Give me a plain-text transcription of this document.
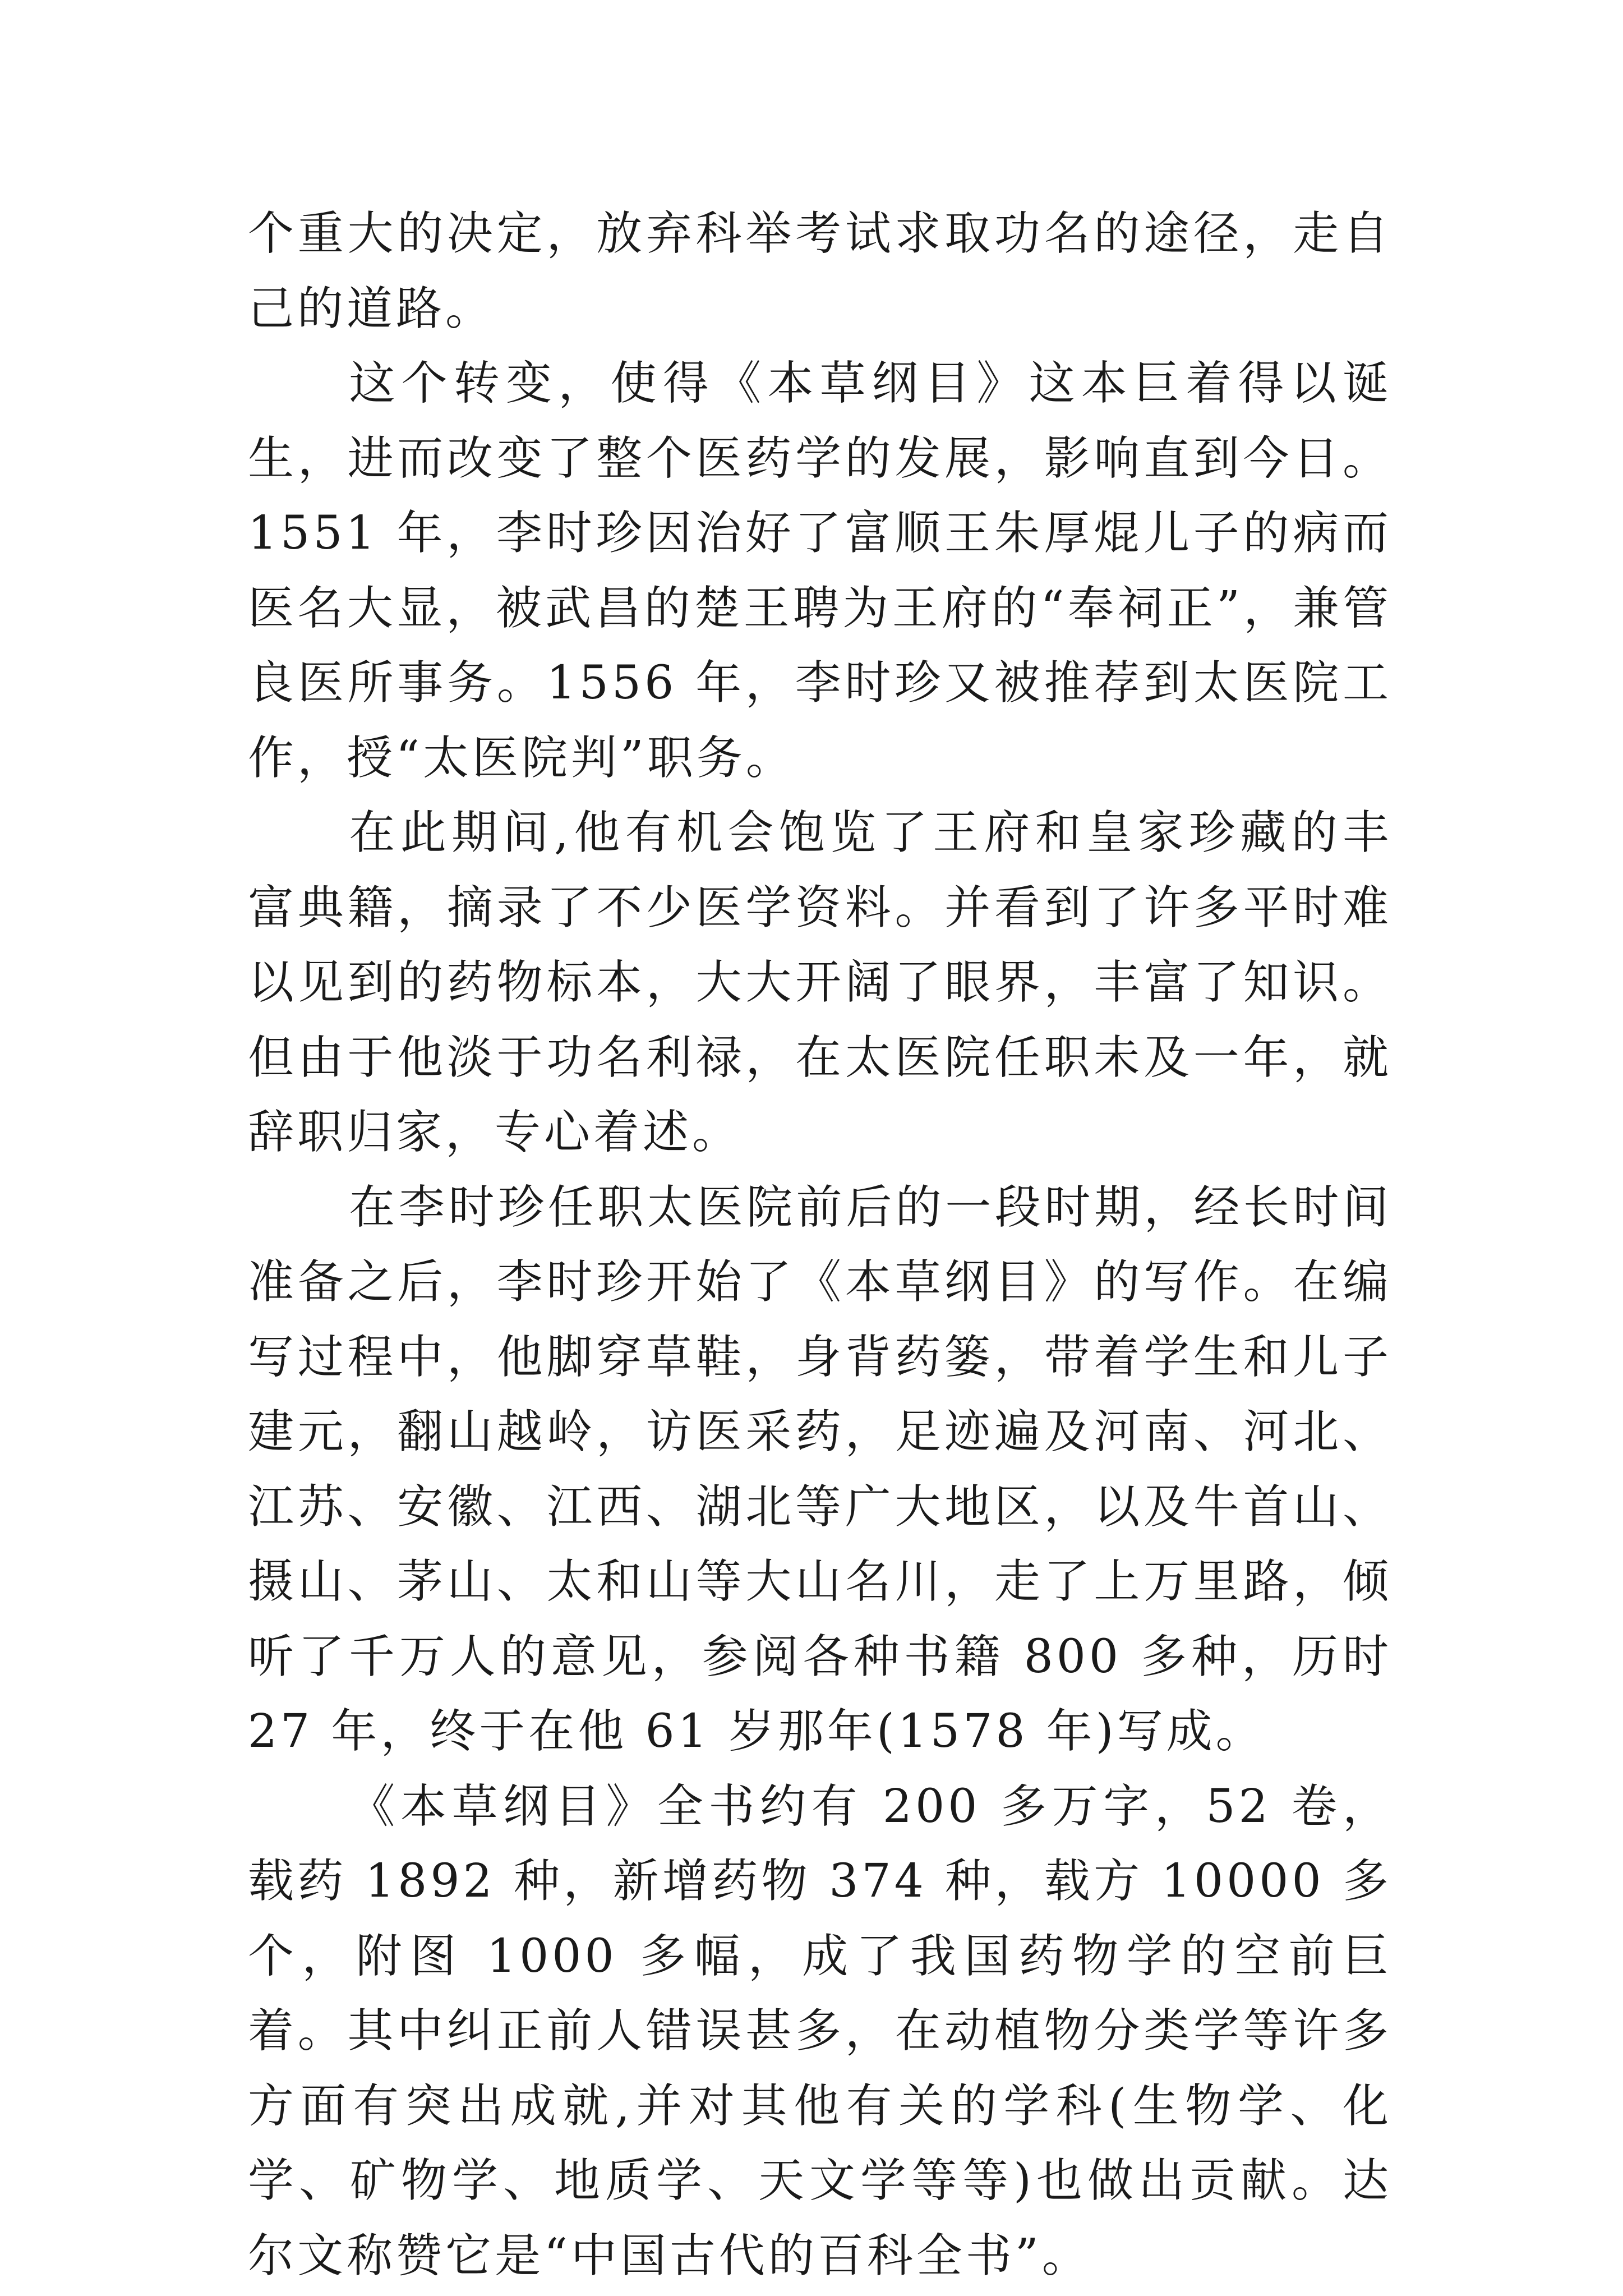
个重大的决定，放弃科举考试求取功名的途径，走自己的道路。

这个转变，使得《本草纲目》这本巨着得以诞生，进而改变了整个医药学的发展，影响直到今日。1551 年，李时珍因治好了富顺王朱厚焜儿子的病而医名大显，被武昌的楚王聘为王府的“奉祠正”，兼管良医所事务。1556 年，李时珍又被推荐到太医院工作，授“太医院判”职务。

在此期间,他有机会饱览了王府和皇家珍藏的丰富典籍，摘录了不少医学资料。并看到了许多平时难以见到的药物标本，大大开阔了眼界，丰富了知识。但由于他淡于功名利禄，在太医院任职未及一年，就辞职归家，专心着述。

在李时珍任职太医院前后的一段时期，经长时间准备之后，李时珍开始了《本草纲目》的写作。在编写过程中，他脚穿草鞋，身背药篓，带着学生和儿子建元，翻山越岭，访医采药，足迹遍及河南、河北、江苏、安徽、江西、湖北等广大地区，以及牛首山、摄山、茅山、太和山等大山名川，走了上万里路，倾听了千万人的意见，参阅各种书籍 800 多种，历时 27 年，终于在他 61 岁那年(1578 年)写成。

《本草纲目》全书约有 200 多万字，52 卷，载药 1892 种，新增药物 374 种，载方 10000 多个，附图 1000 多幅，成了我国药物学的空前巨着。其中纠正前人错误甚多，在动植物分类学等许多方面有突出成就,并对其他有关的学科(生物学、化学、矿物学、地质学、天文学等等)也做出贡献。达尔文称赞它是“中国古代的百科全书”。
